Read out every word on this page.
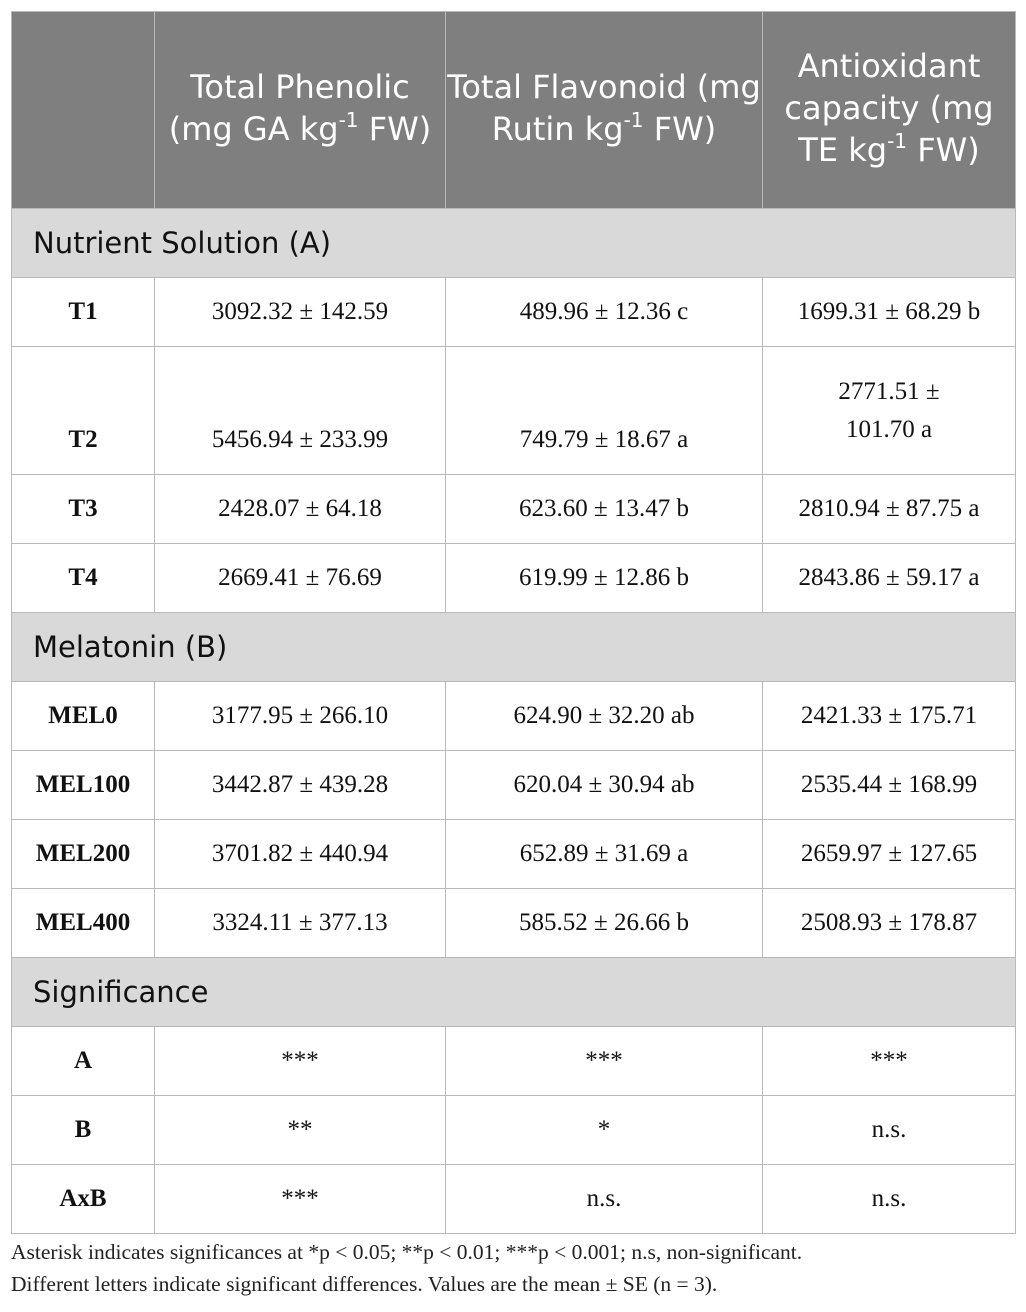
	Total Phenolic (mg GA $kg^{-1}$ FW)	Total Flavonoid (mg Rutin $kg^{-1}$ FW)	Antioxidant capacity (mg TE $kg^{-1}$ FW)
Nutrient Solution (A)			
T1	3092.32 ± 142.59	489.96 ± 12.36 c	1699.31 ± 68.29 b
T2	5456.94 ± 233.99	749.79 ± 18.67 a	2771.51 ± 101.70 a
T3	2428.07 ± 64.18	623.60 ± 13.47 b	2810.94 ± 87.75 a
T4	2669.41 ± 76.69	619.99 ± 12.86 b	2843.86 ± 59.17 a
Melatonin (B)			
MEL0	3177.95 ± 266.10	624.90 ± 32.20 ab	2421.33 ± 175.71
MEL100	3442.87 ± 439.28	620.04 ± 30.94 ab	2535.44 ± 168.99
MEL200	3701.82 ± 440.94	652.89 ± 31.69 a	2659.97 ± 127.65
MEL400	3324.11 ± 377.13	585.52 ± 26.66 b	2508.93 ± 178.87
Significance			
A	***	***	***
B	**	*	n.s.
AxB	***	n.s.	n.s.
Asterisk indicates significances at *p < 0.05; **p < 0.01; ***p < 0.001; n.s, non-significant.
Different letters indicate significant differences. Values are the mean ± SE (n = 3).
